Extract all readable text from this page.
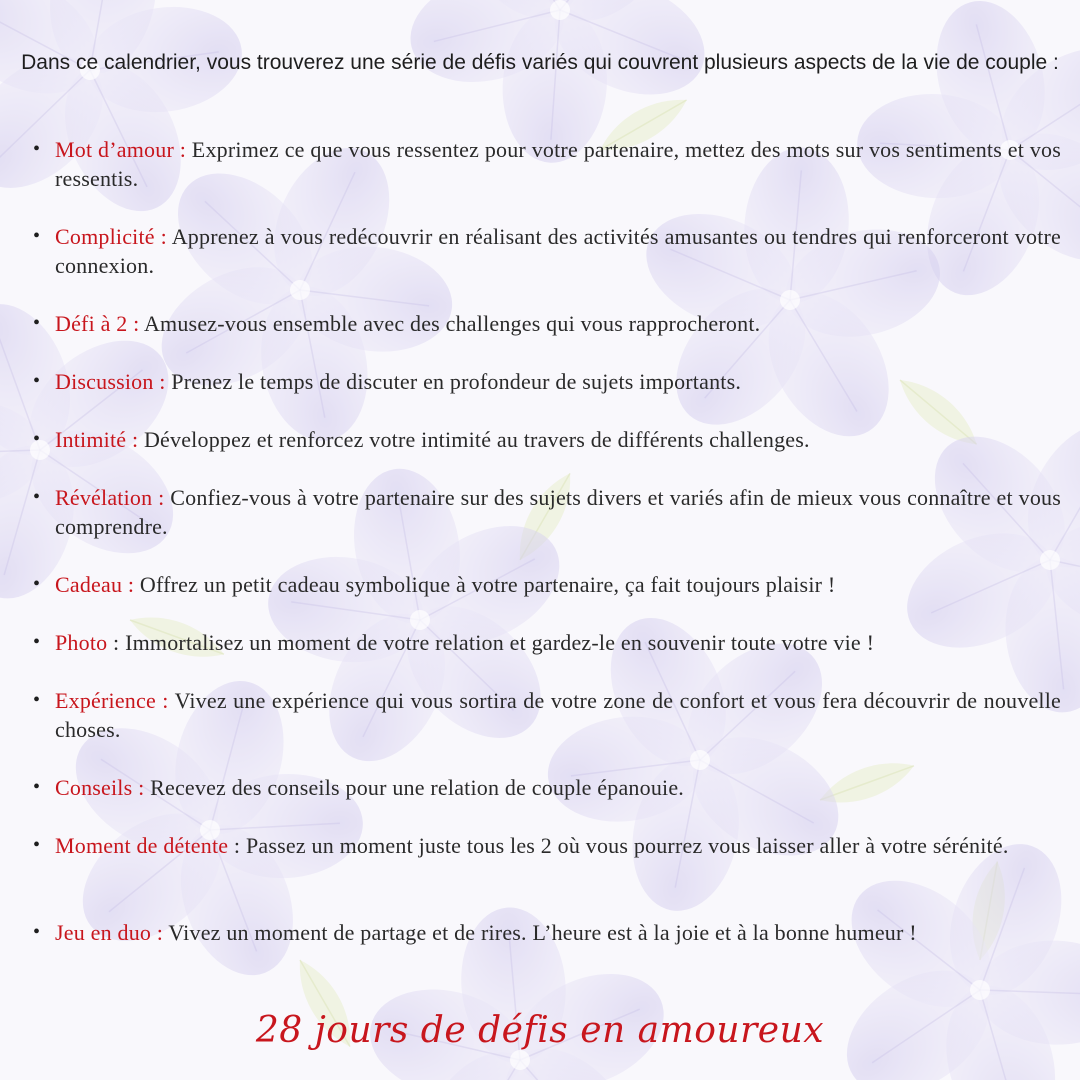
Dans ce calendrier, vous trouverez une série de défis variés qui couvrent plusieurs aspects de la vie de couple :
• Mot d’amour : Exprimez ce que vous ressentez pour votre partenaire, mettez des mots sur vos sentiments et vos ressentis.
• Complicité : Apprenez à vous redécouvrir en réalisant des activités amusantes ou tendres qui renforceront votre connexion.
• Défi à 2 : Amusez-vous ensemble avec des challenges qui vous rapprocheront.
• Discussion : Prenez le temps de discuter en profondeur de sujets importants.
• Intimité : Développez et renforcez votre intimité au travers de différents challenges.
• Révélation : Confiez-vous à votre partenaire sur des sujets divers et variés afin de mieux vous connaître et vous comprendre.
• Cadeau : Offrez un petit cadeau symbolique à votre partenaire, ça fait toujours plaisir !
• Photo : Immortalisez un moment de votre relation et gardez-le en souvenir toute votre vie !
• Expérience : Vivez une expérience qui vous sortira de votre zone de confort et vous fera découvrir de nouvelle choses.
• Conseils : Recevez des conseils pour une relation de couple épanouie.
• Moment de détente : Passez un moment juste tous les 2 où vous pourrez vous laisser aller à votre sérénité.
• Jeu en duo : Vivez un moment de partage et de rires. L’heure est à la joie et à la bonne humeur !
28 jours de défis en amoureux
